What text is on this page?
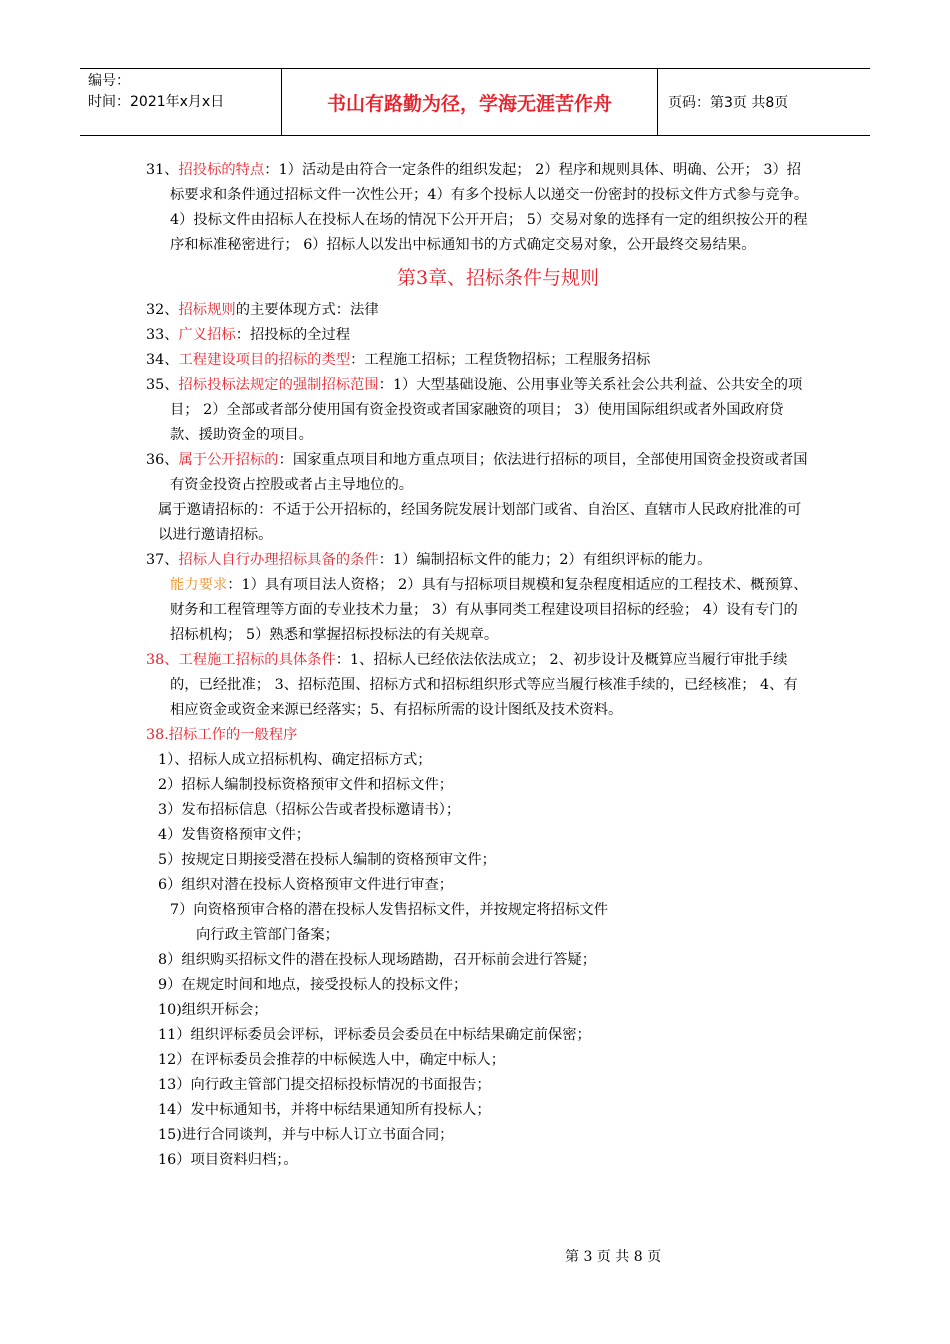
编号：
时间：2021年x月x日	书山有路勤为径，学海无涯苦作舟	页码：第3页 共8页

31、招投标的特点：1）活动是由符合一定条件的组织发起； 2）程序和规则具体、明确、公开； 3）招标要求和条件通过招标文件一次性公开；4）有多个投标人以递交一份密封的投标文件方式参与竞争。4）投标文件由招标人在投标人在场的情况下公开开启； 5）交易对象的选择有一定的组织按公开的程序和标准秘密进行； 6）招标人以发出中标通知书的方式确定交易对象，公开最终交易结果。

第3章、招标条件与规则

32、招标规则的主要体现方式：法律

33、广义招标：招投标的全过程

34、工程建设项目的招标的类型：工程施工招标；工程货物招标；工程服务招标

35、招标投标法规定的强制招标范围：1）大型基础设施、公用事业等关系社会公共利益、公共安全的项目； 2）全部或者部分使用国有资金投资或者国家融资的项目； 3）使用国际组织或者外国政府贷款、援助资金的项目。

36、属于公开招标的：国家重点项目和地方重点项目；依法进行招标的项目，全部使用国资金投资或者国有资金投资占控股或者占主导地位的。

属于邀请招标的：不适于公开招标的，经国务院发展计划部门或省、自治区、直辖市人民政府批准的可以进行邀请招标。

37、招标人自行办理招标具备的条件：1）编制招标文件的能力；2）有组织评标的能力。

能力要求：1）具有项目法人资格； 2）具有与招标项目规模和复杂程度相适应的工程技术、概预算、财务和工程管理等方面的专业技术力量； 3）有从事同类工程建设项目招标的经验； 4）设有专门的招标机构； 5）熟悉和掌握招标投标法的有关规章。

38、工程施工招标的具体条件：1、招标人已经依法依法成立； 2、初步设计及概算应当履行审批手续的，已经批准； 3、招标范围、招标方式和招标组织形式等应当履行核准手续的，已经核准； 4、有相应资金或资金来源已经落实；5、有招标所需的设计图纸及技术资料。

38.招标工作的一般程序

1）、招标人成立招标机构、确定招标方式；

2）招标人编制投标资格预审文件和招标文件；

3）发布招标信息（招标公告或者投标邀请书）；

4）发售资格预审文件；

5）按规定日期接受潜在投标人编制的资格预审文件；

6）组织对潜在投标人资格预审文件进行审查；

7）向资格预审合格的潜在投标人发售招标文件，并按规定将招标文件

向行政主管部门备案；

8）组织购买招标文件的潜在投标人现场踏勘，召开标前会进行答疑；

9）在规定时间和地点，接受投标人的投标文件；

10)组织开标会；

11）组织评标委员会评标，评标委员会委员在中标结果确定前保密；

12）在评标委员会推荐的中标候选人中，确定中标人；

13）向行政主管部门提交招标投标情况的书面报告；

14）发中标通知书，并将中标结果通知所有投标人；

15)进行合同谈判，并与中标人订立书面合同；

16）项目资料归档；。

第 3 页 共 8 页
